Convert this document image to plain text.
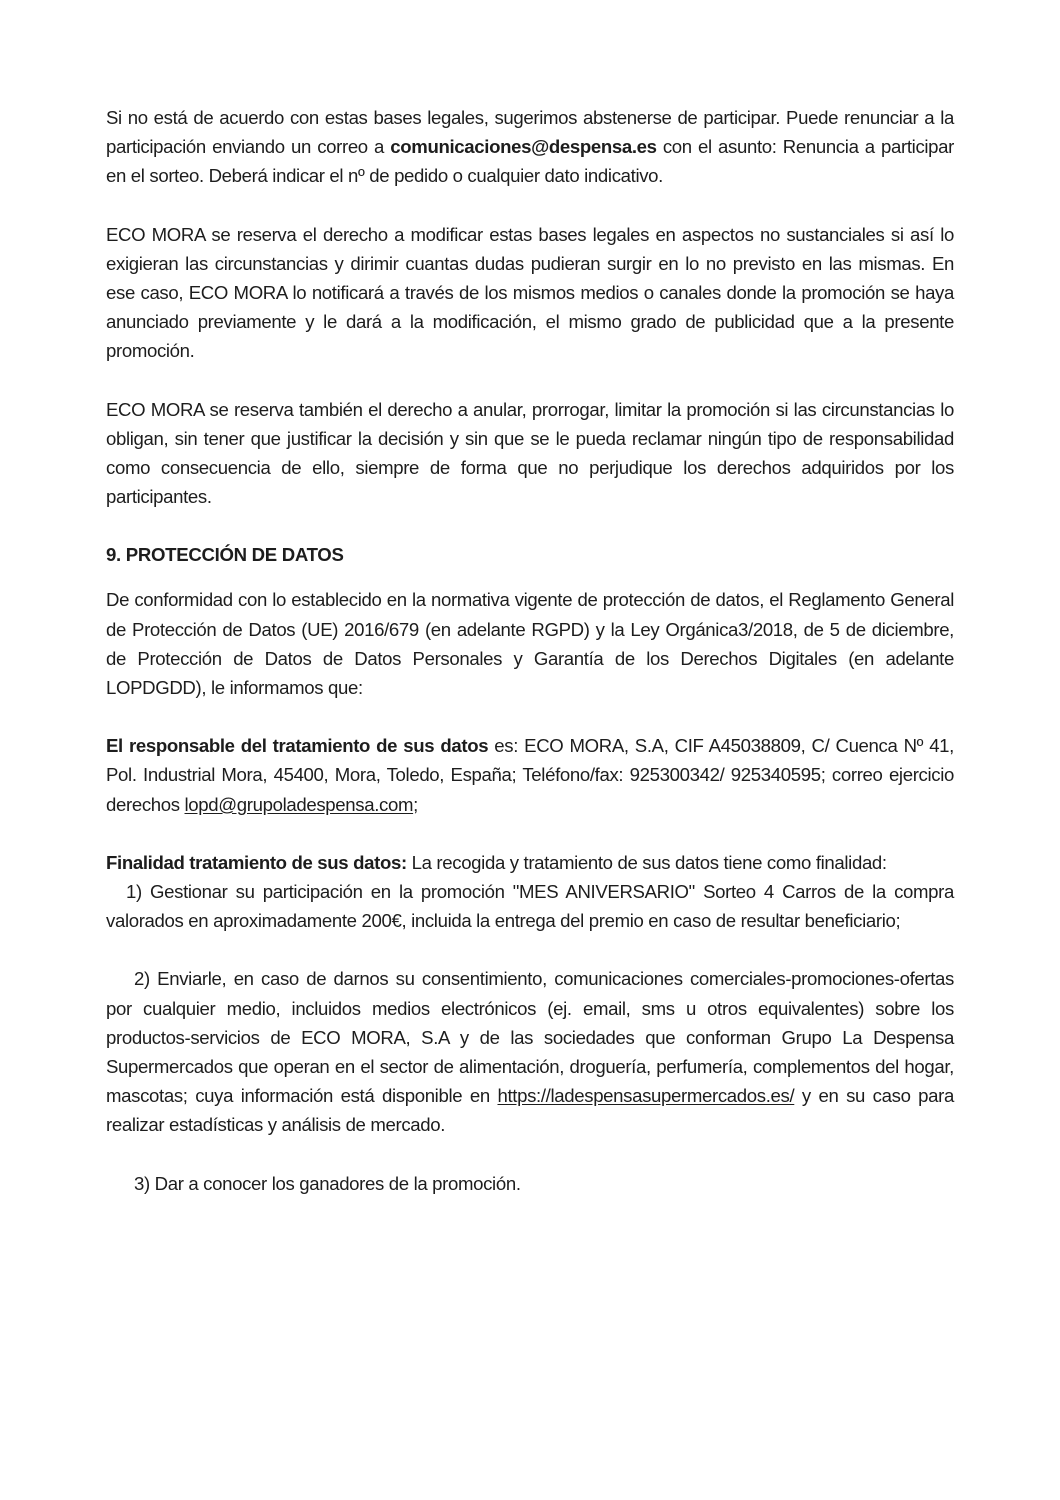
Si no está de acuerdo con estas bases legales, sugerimos abstenerse de participar. Puede renunciar a la participación enviando un correo a comunicaciones@despensa.es con el asunto: Renuncia a participar en el sorteo. Deberá indicar el nº de pedido o cualquier dato indicativo.

ECO MORA se reserva el derecho a modificar estas bases legales en aspectos no sustanciales si así lo exigieran las circunstancias y dirimir cuantas dudas pudieran surgir en lo no previsto en las mismas. En ese caso, ECO MORA lo notificará a través de los mismos medios o canales donde la promoción se haya anunciado previamente y le dará a la modificación, el mismo grado de publicidad que a la presente promoción.

ECO MORA se reserva también el derecho a anular, prorrogar, limitar la promoción si las circunstancias lo obligan, sin tener que justificar la decisión y sin que se le pueda reclamar ningún tipo de responsabilidad como consecuencia de ello, siempre de forma que no perjudique los derechos adquiridos por los participantes.

9. PROTECCIÓN DE DATOS

De conformidad con lo establecido en la normativa vigente de protección de datos, el Reglamento General de Protección de Datos (UE) 2016/679 (en adelante RGPD) y la Ley Orgánica3/2018, de 5 de diciembre, de Protección de Datos de Datos Personales y Garantía de los Derechos Digitales (en adelante LOPDGDD), le informamos que:

El responsable del tratamiento de sus datos es: ECO MORA, S.A, CIF A45038809, C/ Cuenca Nº 41, Pol. Industrial Mora, 45400, Mora, Toledo, España; Teléfono/fax: 925300342/ 925340595; correo ejercicio derechos lopd@grupoladespensa.com;

Finalidad tratamiento de sus datos: La recogida y tratamiento de sus datos tiene como finalidad:

1) Gestionar su participación en la promoción "MES ANIVERSARIO" Sorteo 4 Carros de la compra valorados en aproximadamente 200€, incluida la entrega del premio en caso de resultar beneficiario;

2) Enviarle, en caso de darnos su consentimiento, comunicaciones comerciales-promociones-ofertas por cualquier medio, incluidos medios electrónicos (ej. email, sms u otros equivalentes) sobre los productos-servicios de ECO MORA, S.A y de las sociedades que conforman Grupo La Despensa Supermercados que operan en el sector de alimentación, droguería, perfumería, complementos del hogar, mascotas; cuya información está disponible en https://ladespensasupermercados.es/ y en su caso para realizar estadísticas y análisis de mercado.

3) Dar a conocer los ganadores de la promoción.
